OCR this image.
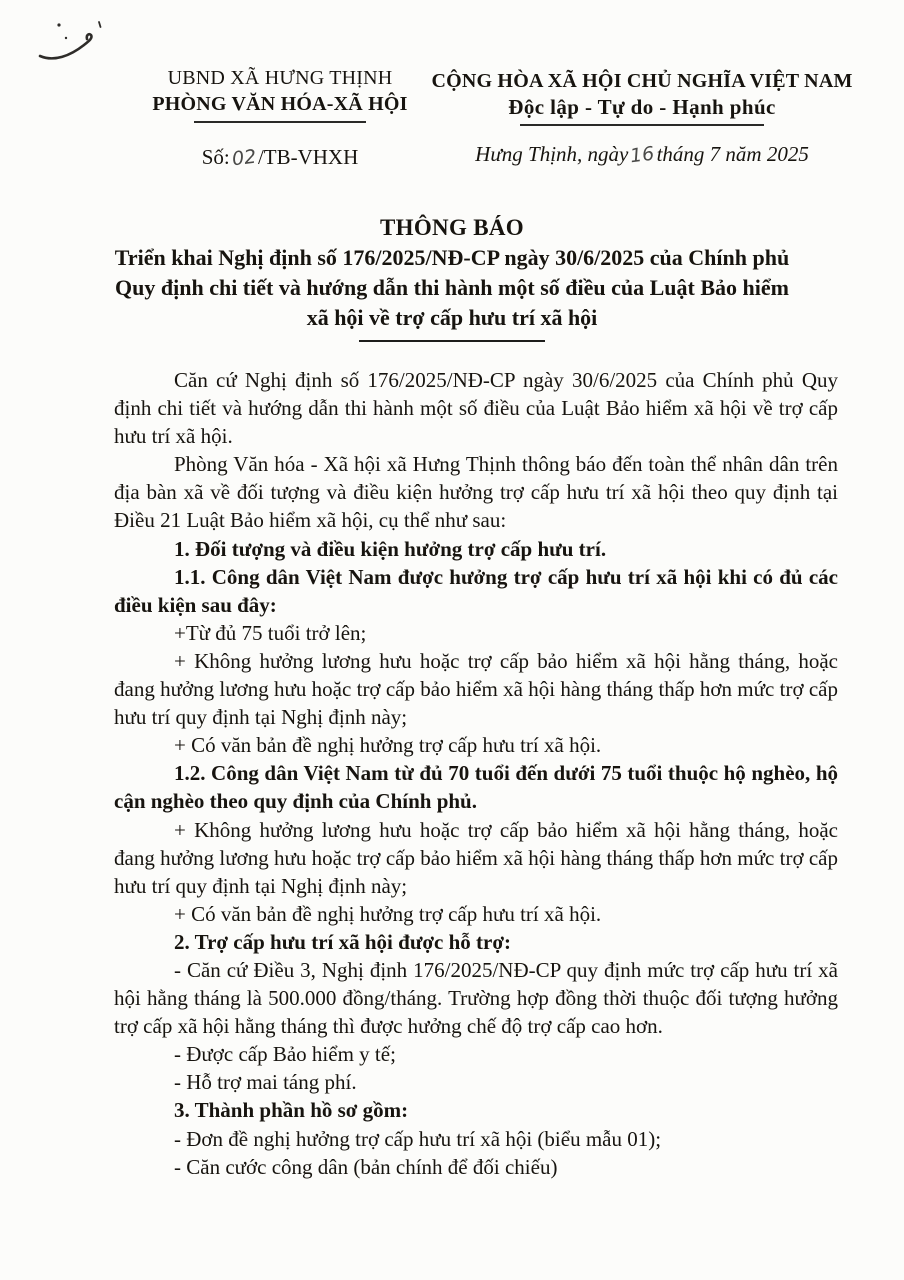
UBND XÃ HƯNG THỊNH
PHÒNG VĂN HÓA-XÃ HỘI
CỘNG HÒA XÃ HỘI CHỦ NGHĨA VIỆT NAM
Độc lập - Tự do - Hạnh phúc
Số:02/TB-VHXH	Hưng Thịnh, ngày16tháng 7 năm 2025
THÔNG BÁO
Triển khai Nghị định số 176/2025/NĐ-CP ngày 30/6/2025 của Chính phủ
Quy định chi tiết và hướng dẫn thi hành một số điều của Luật Bảo hiểm
xã hội về trợ cấp hưu trí xã hội

Căn cứ Nghị định số 176/2025/NĐ-CP ngày 30/6/2025 của Chính phủ Quy định chi tiết và hướng dẫn thi hành một số điều của Luật Bảo hiểm xã hội về trợ cấp hưu trí xã hội.

Phòng Văn hóa - Xã hội xã Hưng Thịnh thông báo đến toàn thể nhân dân trên địa bàn xã về đối tượng và điều kiện hưởng trợ cấp hưu trí xã hội theo quy định tại Điều 21 Luật Bảo hiểm xã hội, cụ thể như sau:

1. Đối tượng và điều kiện hưởng trợ cấp hưu trí.

1.1. Công dân Việt Nam được hưởng trợ cấp hưu trí xã hội khi có đủ các điều kiện sau đây:

+Từ đủ 75 tuổi trở lên;

+ Không hưởng lương hưu hoặc trợ cấp bảo hiểm xã hội hằng tháng, hoặc đang hưởng lương hưu hoặc trợ cấp bảo hiểm xã hội hàng tháng thấp hơn mức trợ cấp hưu trí quy định tại Nghị định này;

+ Có văn bản đề nghị hưởng trợ cấp hưu trí xã hội.

1.2. Công dân Việt Nam từ đủ 70 tuổi đến dưới 75 tuổi thuộc hộ nghèo, hộ cận nghèo theo quy định của Chính phủ.

+ Không hưởng lương hưu hoặc trợ cấp bảo hiểm xã hội hằng tháng, hoặc đang hưởng lương hưu hoặc trợ cấp bảo hiểm xã hội hàng tháng thấp hơn mức trợ cấp hưu trí quy định tại Nghị định này;

+ Có văn bản đề nghị hưởng trợ cấp hưu trí xã hội.

2. Trợ cấp hưu trí xã hội được hỗ trợ:

- Căn cứ Điều 3, Nghị định 176/2025/NĐ-CP quy định mức trợ cấp hưu trí xã hội hằng tháng là 500.000 đồng/tháng. Trường hợp đồng thời thuộc đối tượng hưởng trợ cấp xã hội hằng tháng thì được hưởng chế độ trợ cấp cao hơn.

- Được cấp Bảo hiểm y tế;

- Hỗ trợ mai táng phí.

3. Thành phần hồ sơ gồm:

- Đơn đề nghị hưởng trợ cấp hưu trí xã hội (biểu mẫu 01);

- Căn cước công dân (bản chính để đối chiếu)
